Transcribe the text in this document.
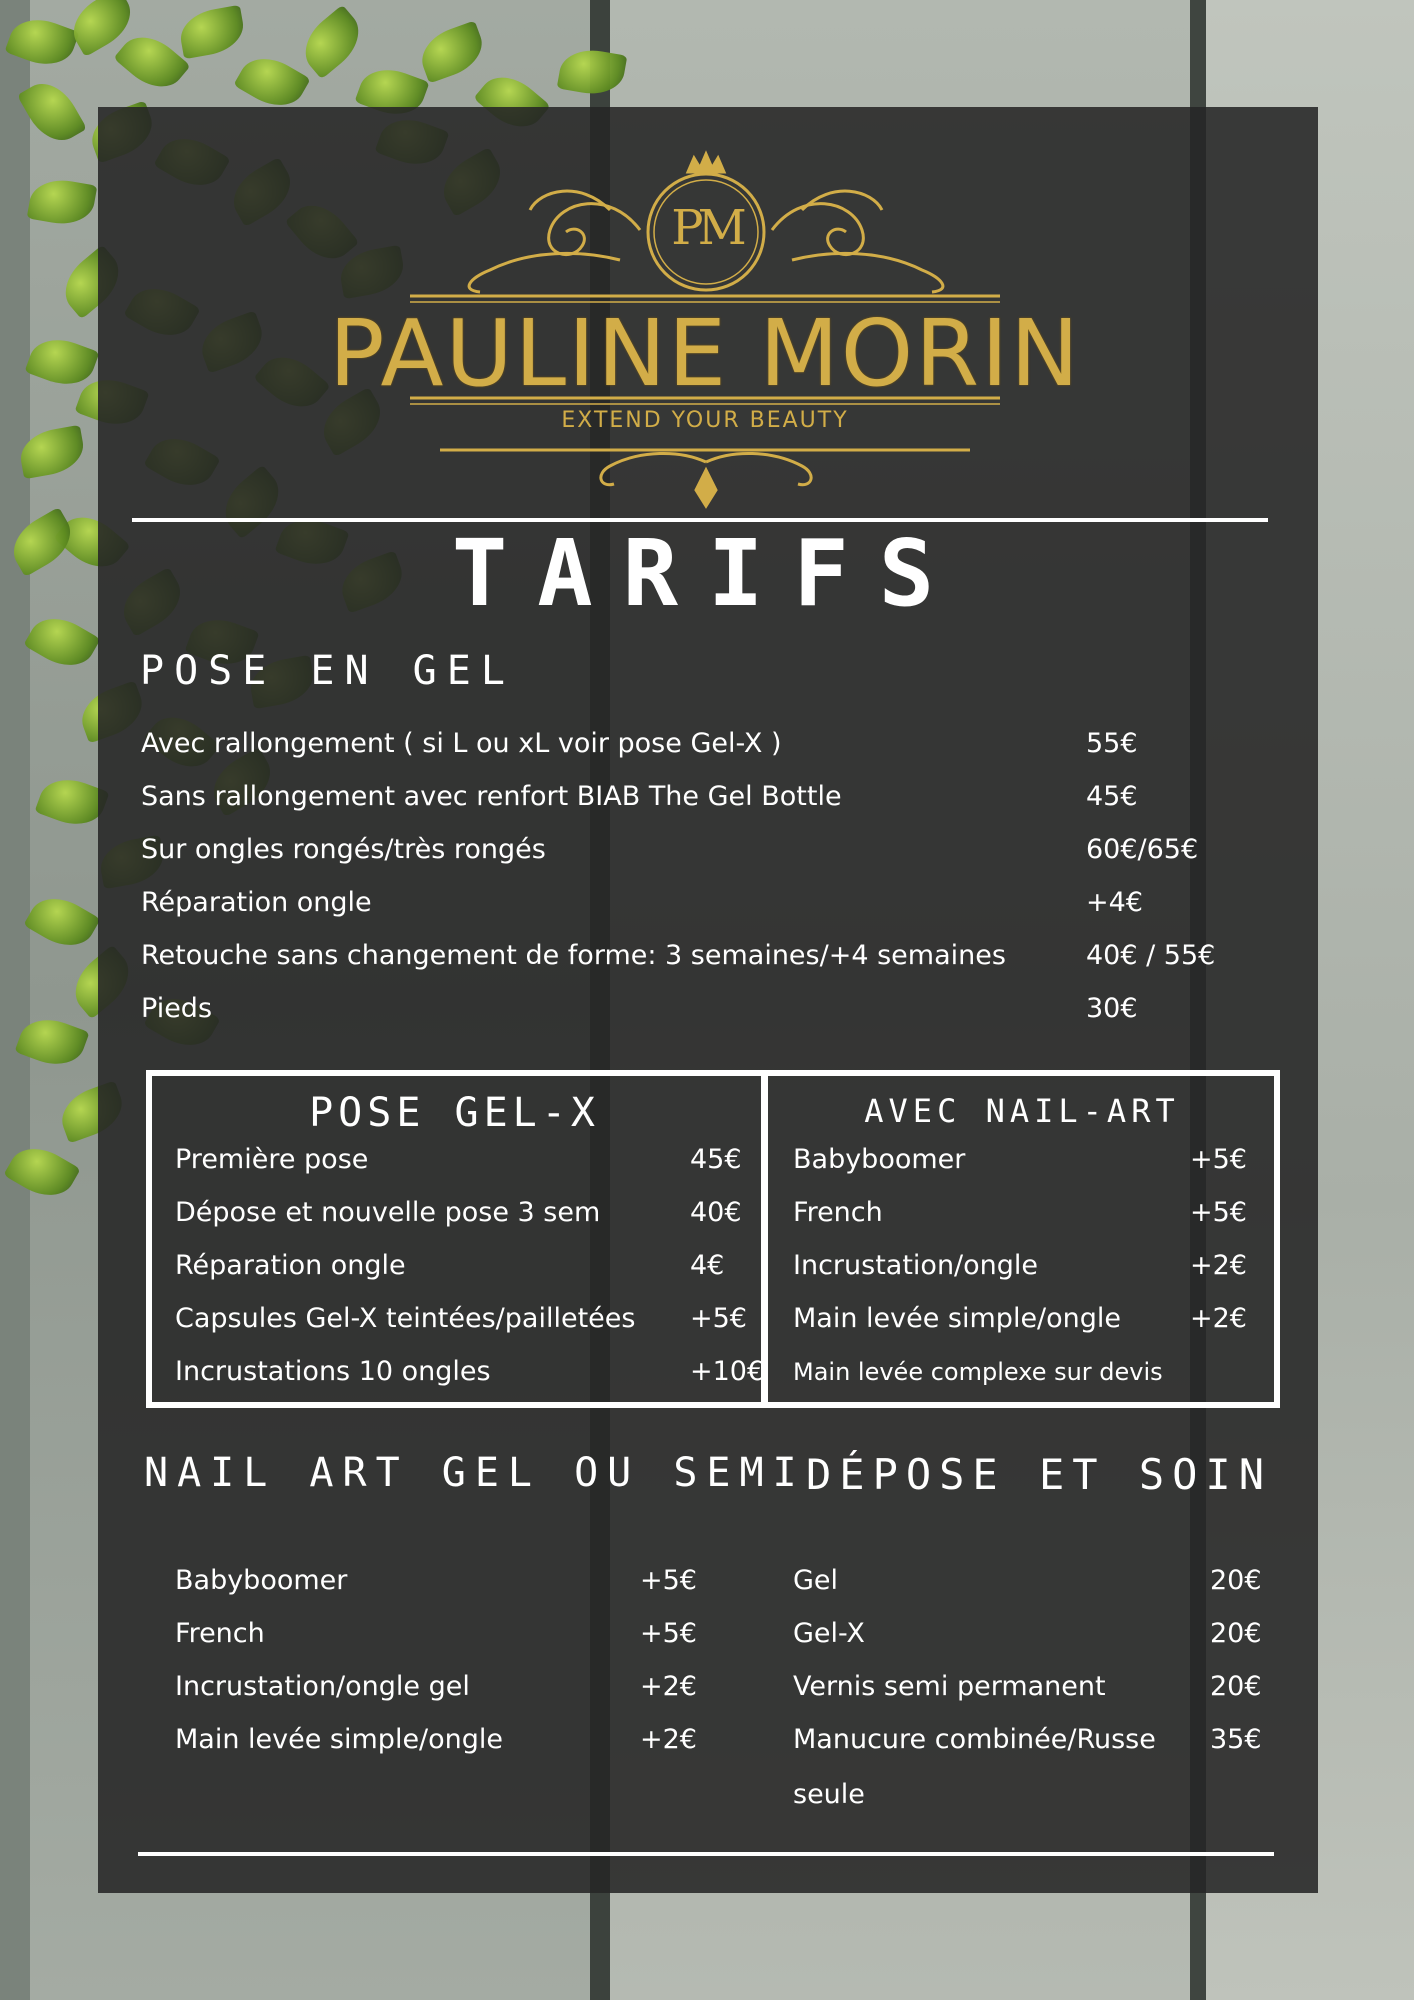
PM
PAULINE MORIN
EXTEND YOUR BEAUTY
TARIFS
POSE EN GEL
Avec rallongement ( si L ou xL voir pose Gel-X )	55€
Sans rallongement avec renfort BIAB The Gel Bottle	45€
Sur ongles rongés/très rongés	60€/65€
Réparation ongle	+4€
Retouche sans changement de forme: 3 semaines/+4 semaines	40€ / 55€
Pieds	30€
POSE GEL-X	AVEC NAIL-ART
Première pose	45€
Dépose et nouvelle pose 3 sem	40€
Réparation ongle	4€
Capsules Gel-X teintées/pailletées +5€
Incrustations 10 ongles	+10€
Babyboomer	+5€
French	+5€
Incrustation/ongle	+2€
Main levée simple/ongle	+2€
Main levée complexe sur devis
NAIL ART GEL OU SEMI
Babyboomer	+5€
French	+5€
Incrustation/ongle gel	+2€
Main levée simple/ongle	+2€
DÉPOSE ET SOIN
Gel	20€
Gel-X	20€
Vernis semi permanent	20€
Manucure combinée/Russe 35€
seule
